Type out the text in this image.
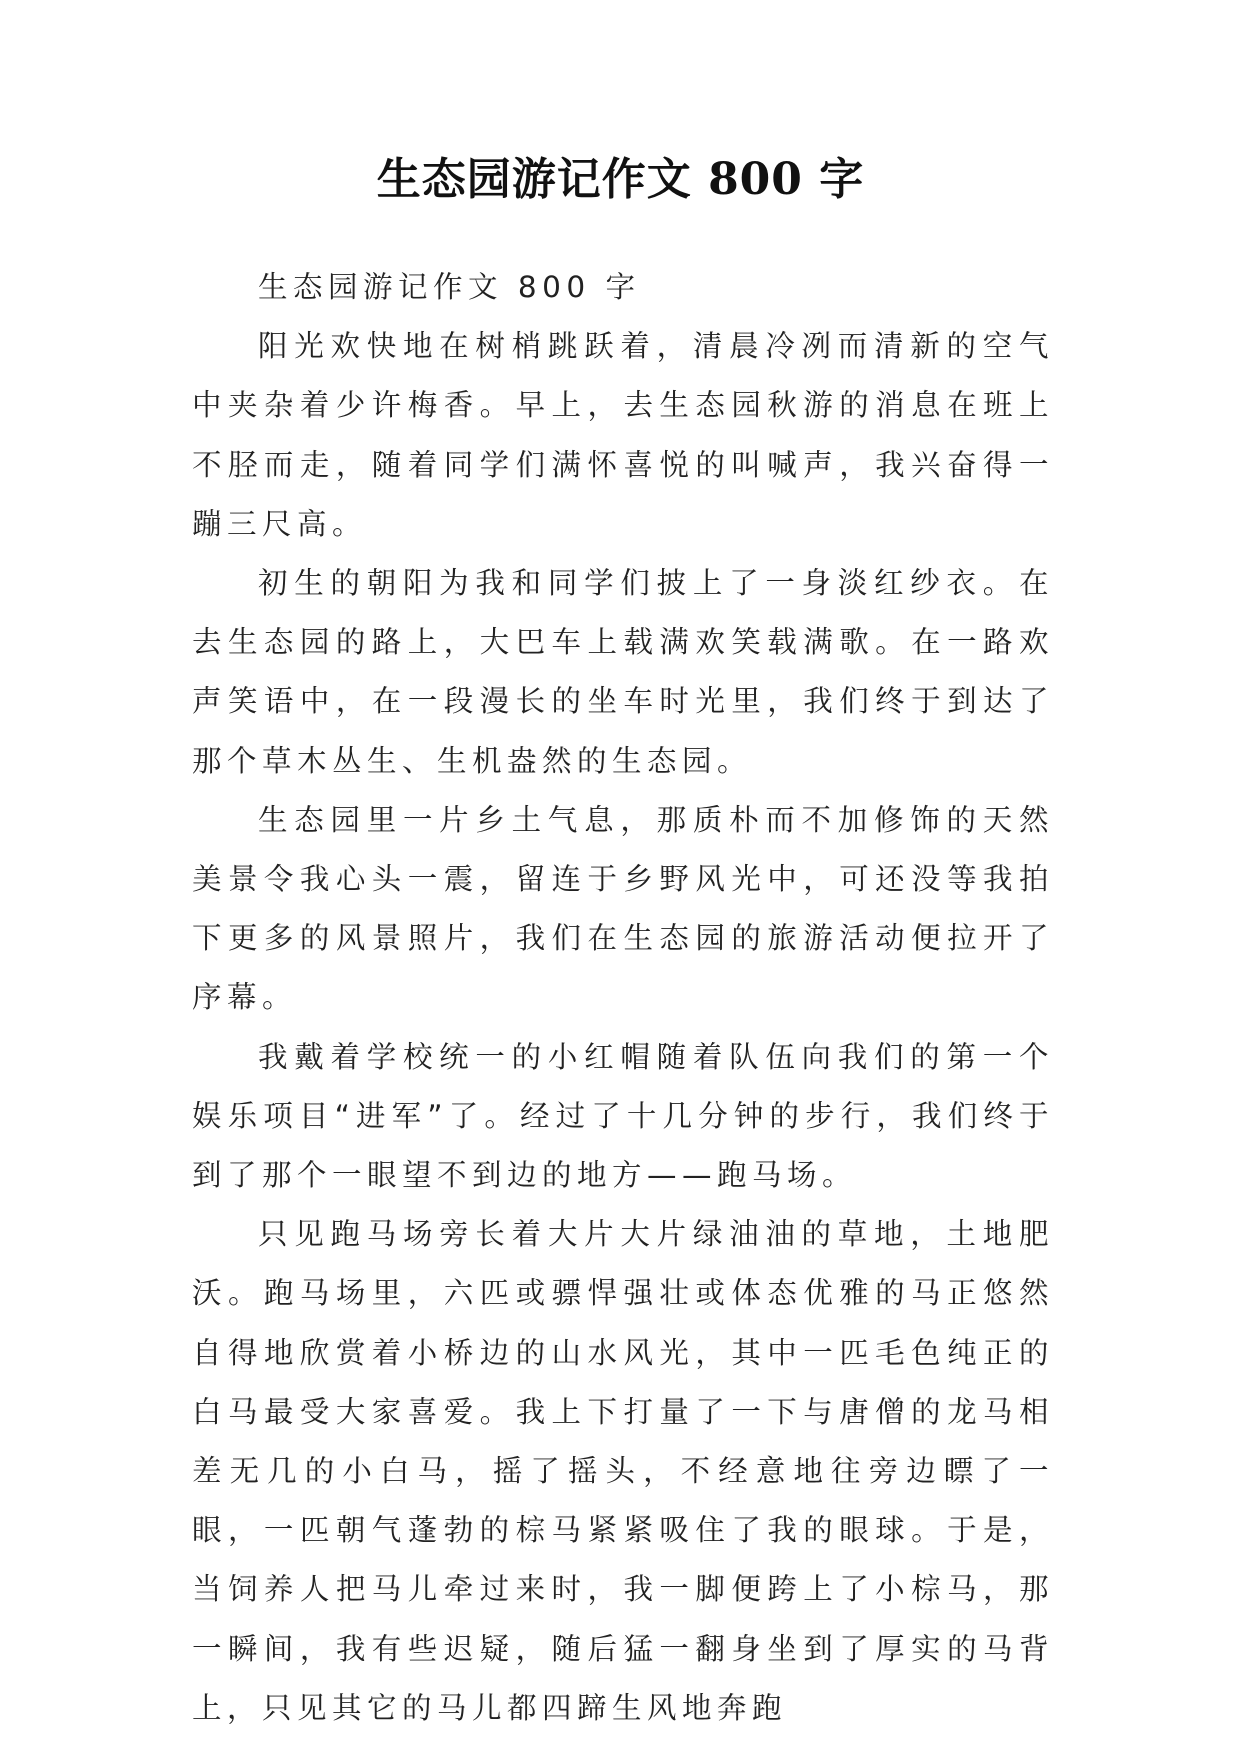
生态园游记作文 800 字

生态园游记作文 800 字

阳光欢快地在树梢跳跃着，清晨冷冽而清新的空气中夹杂着少许梅香。早上，去生态园秋游的消息在班上不胫而走，随着同学们满怀喜悦的叫喊声，我兴奋得一蹦三尺高。

初生的朝阳为我和同学们披上了一身淡红纱衣。在去生态园的路上，大巴车上载满欢笑载满歌。在一路欢声笑语中，在一段漫长的坐车时光里，我们终于到达了那个草木丛生、生机盎然的生态园。

生态园里一片乡土气息，那质朴而不加修饰的天然美景令我心头一震，留连于乡野风光中，可还没等我拍下更多的风景照片，我们在生态园的旅游活动便拉开了序幕。

我戴着学校统一的小红帽随着队伍向我们的第一个娱乐项目“进军”了。经过了十几分钟的步行，我们终于到了那个一眼望不到边的地方——跑马场。

只见跑马场旁长着大片大片绿油油的草地，土地肥沃。跑马场里，六匹或骠悍强壮或体态优雅的马正悠然自得地欣赏着小桥边的山水风光，其中一匹毛色纯正的白马最受大家喜爱。我上下打量了一下与唐僧的龙马相差无几的小白马，摇了摇头，不经意地往旁边瞟了一眼，一匹朝气蓬勃的棕马紧紧吸住了我的眼球。于是，当饲养人把马儿牵过来时，我一脚便跨上了小棕马，那一瞬间，我有些迟疑，随后猛一翻身坐到了厚实的马背上，只见其它的马儿都四蹄生风地奔跑
